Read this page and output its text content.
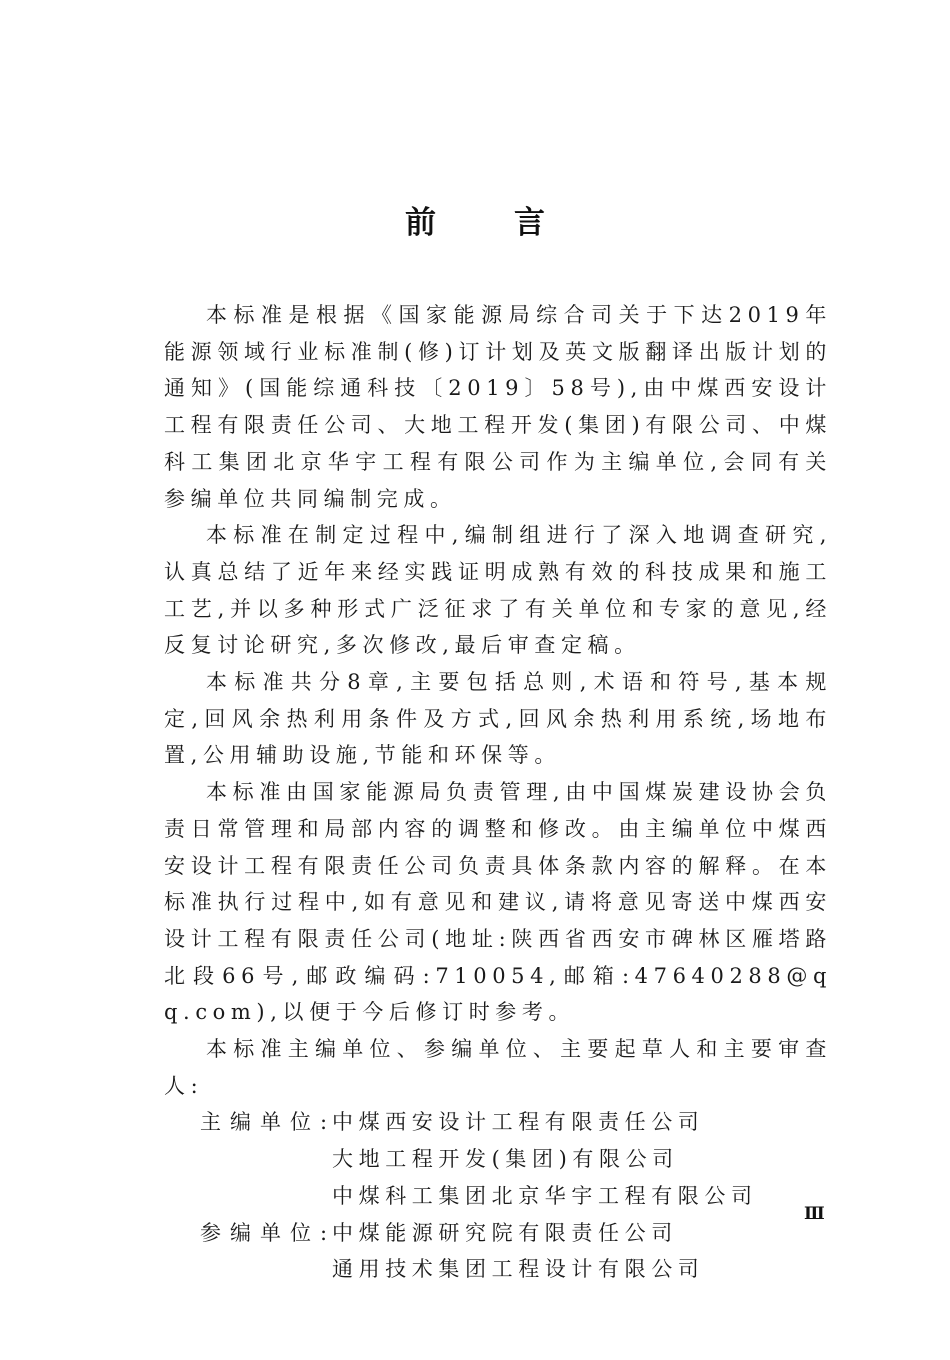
前	言

本标准是根据《国家能源局综合司关于下达2019年能源领域行业标准制(修)订计划及英文版翻译出版计划的通知》(国能综通科技〔2019〕58号),由中煤西安设计工程有限责任公司、大地工程开发(集团)有限公司、中煤科工集团北京华宇工程有限公司作为主编单位,会同有关参编单位共同编制完成。

本标准在制定过程中,编制组进行了深入地调查研究,认真总结了近年来经实践证明成熟有效的科技成果和施工工艺,并以多种形式广泛征求了有关单位和专家的意见,经反复讨论研究,多次修改,最后审查定稿。

本标准共分8章,主要包括总则,术语和符号,基本规定,回风余热利用条件及方式,回风余热利用系统,场地布置,公用辅助设施,节能和环保等。

本标准由国家能源局负责管理,由中国煤炭建设协会负责日常管理和局部内容的调整和修改。由主编单位中煤西安设计工程有限责任公司负责具体条款内容的解释。在本标准执行过程中,如有意见和建议,请将意见寄送中煤西安设计工程有限责任公司(地址:陕西省西安市碑林区雁塔路北段66号,邮政编码:710054,邮箱:47640288@qq.com),以便于今后修订时参考。

本标准主编单位、参编单位、主要起草人和主要审查人:

主编单位:
中煤西安设计工程有限责任公司
大地工程开发(集团)有限公司
中煤科工集团北京华宇工程有限公司
参编单位:
中煤能源研究院有限责任公司
通用技术集团工程设计有限公司
Ⅲ
